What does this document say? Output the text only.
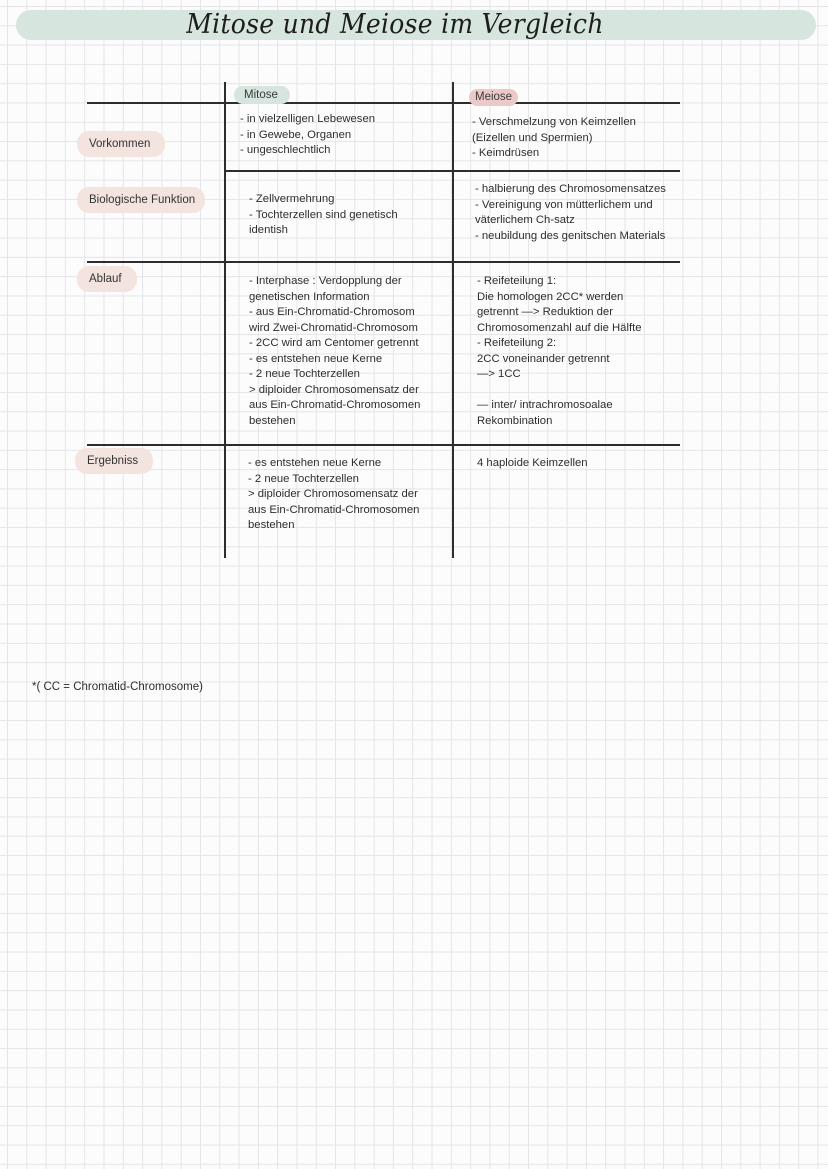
Mitose und Meiose im Vergleich
Mitose	Meiose
Vorkommen
Biologische Funktion
Ablauf
Ergebniss
- in vielzelligen Lebewesen
- in Gewebe, Organen
- ungeschlechtlich
- Verschmelzung von Keimzellen
(Eizellen und Spermien)
- Keimdrüsen
- Zellvermehrung
- Tochterzellen sind genetisch
identish
- halbierung des Chromosomensatzes
- Vereinigung von mütterlichem und
väterlichem Ch-satz
- neubildung des genitschen Materials
- Interphase : Verdopplung der
genetischen Information
- aus Ein-Chromatid-Chromosom
wird Zwei-Chromatid-Chromosom
- 2CC wird am Centomer getrennt
- es entstehen neue Kerne
- 2 neue Tochterzellen
> diploider Chromosomensatz der
aus Ein-Chromatid-Chromosomen
bestehen
- Reifeteilung 1:
Die homologen 2CC* werden
getrennt —> Reduktion der
Chromosomenzahl auf die Hälfte
- Reifeteilung 2:
2CC voneinander getrennt
—> 1CC
— inter/ intrachromosoalae
Rekombination
- es entstehen neue Kerne
- 2 neue Tochterzellen
> diploider Chromosomensatz der
aus Ein-Chromatid-Chromosomen
bestehen
4 haploide Keimzellen
*( CC = Chromatid-Chromosome)
